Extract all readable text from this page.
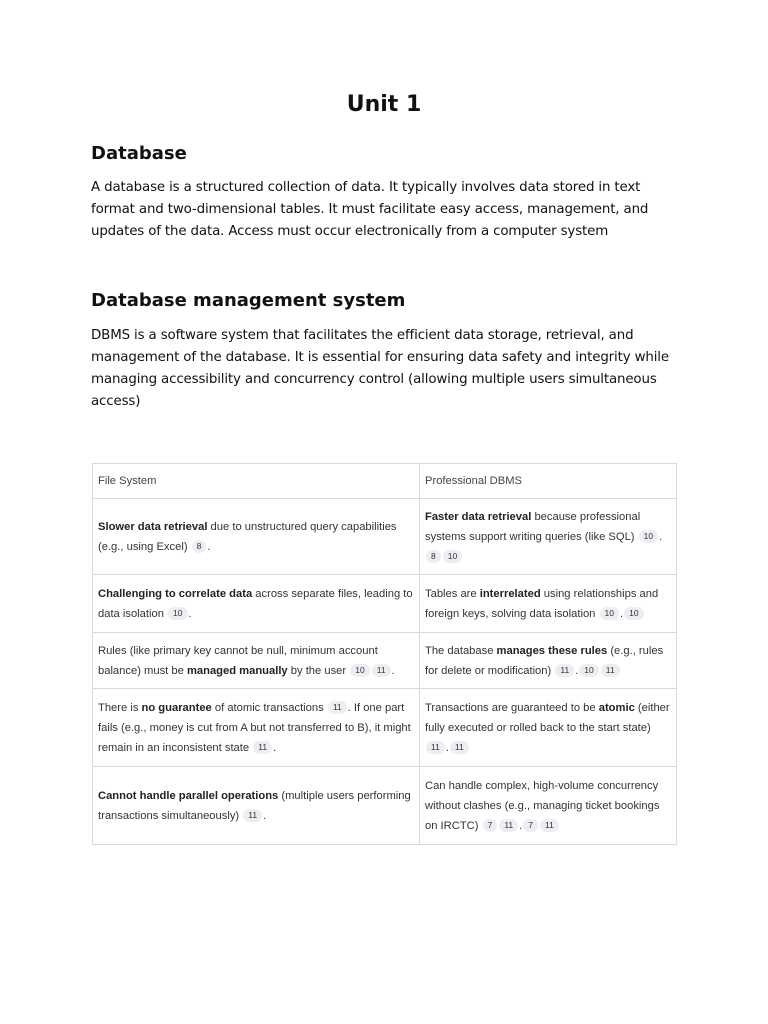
Unit 1
Database

A database is a structured collection of data. It typically involves data stored in text format and two-dimensional tables. It must facilitate easy access, management, and updates of the data. Access must occur electronically from a computer system

Database management system

DBMS is a software system that facilitates the efficient data storage, retrieval, and management of the database. It is essential for ensuring data safety and integrity while managing accessibility and concurrency control (allowing multiple users simultaneous access)

File System	Professional DBMS
Slower data retrieval due to unstructured query capabilities (e.g., using Excel) 8 .	Faster data retrieval because professional systems support writing queries (like SQL) 10 . 8 10
Challenging to correlate data across separate files, leading to data isolation 10 .	Tables are interrelated using relationships and foreign keys, solving data isolation 10 . 10
Rules (like primary key cannot be null, minimum account balance) must be managed manually by the user 10 11 .	The database manages these rules (e.g., rules for delete or modification) 11 . 10 11
There is no guarantee of atomic transactions 11 . If one part fails (e.g., money is cut from A but not transferred to B), it might remain in an inconsistent state 11 .	Transactions are guaranteed to be atomic (either fully executed or rolled back to the start state) 11 . 11
Cannot handle parallel operations (multiple users performing transactions simultaneously) 11 .	Can handle complex, high-volume concurrency without clashes (e.g., managing ticket bookings on IRCTC) 7 11 . 7 11
